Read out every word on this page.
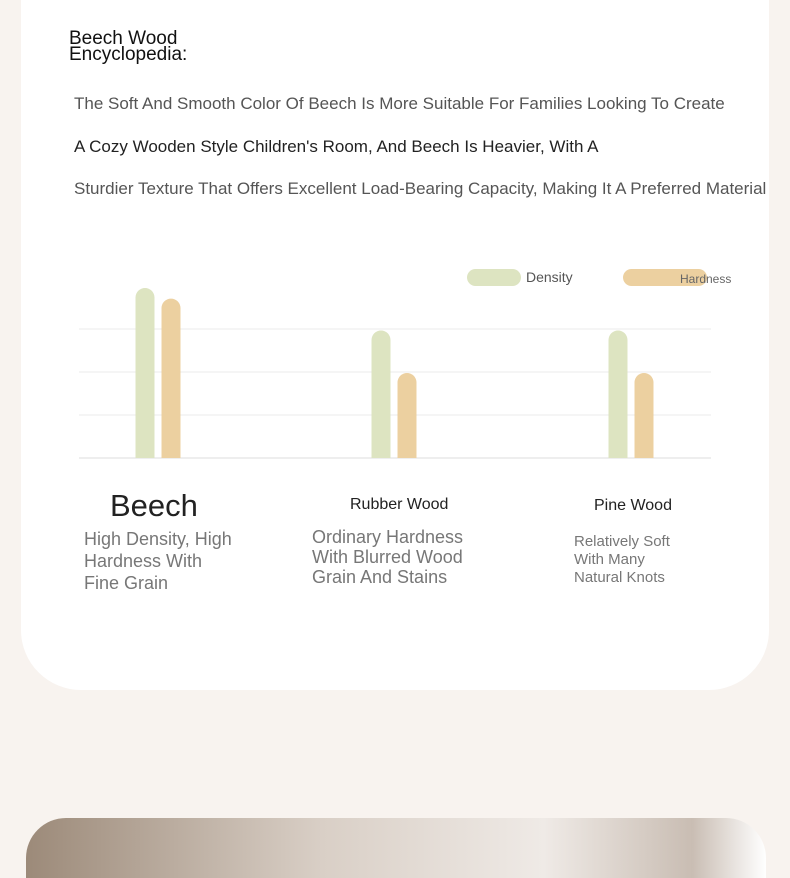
Beech Wood Encyclopedia:
The Soft And Smooth Color Of Beech Is More Suitable For Families Looking To Create
A Cozy Wooden Style Children's Room, And Beech Is Heavier, With A
Sturdier Texture That Offers Excellent Load-Bearing Capacity, Making It A Preferred Material
Density	Hardness
Beech	Rubber Wood	Pine Wood
High Density, High Hardness With Fine Grain
Ordinary Hardness With Blurred Wood Grain And Stains
Relatively Soft With Many Natural Knots
